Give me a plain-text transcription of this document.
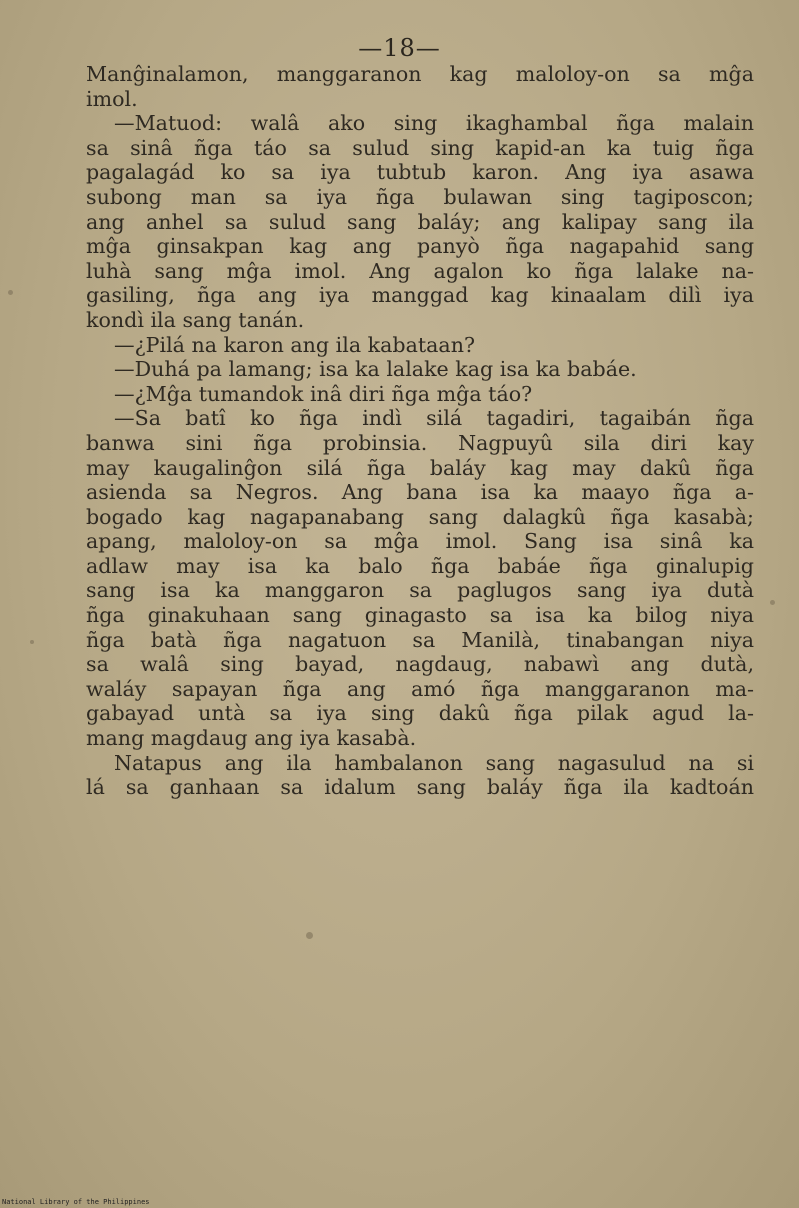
—18—
Manĝinalamon, manggaranon kag maloloy-on sa mĝa
imol.
—Matuod: walâ ako sing ikaghambal ñga malain
sa sinâ ñga táo sa sulud sing kapid-an ka tuig ñga
pagalagád ko sa iya tubtub karon. Ang iya asawa
subong man sa iya ñga bulawan sing tagiposcon;
ang anhel sa sulud sang baláy; ang kalipay sang ila
mĝa ginsakpan kag ang panyò ñga nagapahid sang
luhà sang mĝa imol. Ang agalon ko ñga lalake na-
gasiling, ñga ang iya manggad kag kinaalam dilì iya
kondì ila sang tanán.
—¿Pilá na karon ang ila kabataan?
—Duhá pa lamang; isa ka lalake kag isa ka babáe.
—¿Mĝa tumandok inâ diri ñga mĝa táo?
—Sa batî ko ñga indì silá tagadiri, tagaibán ñga
banwa sini ñga probinsia. Nagpuyû sila diri kay
may kaugalinĝon silá ñga baláy kag may dakû ñga
asienda sa Negros. Ang bana isa ka maayo ñga a-
bogado kag nagapanabang sang dalagkû ñga kasabà;
apang, maloloy-on sa mĝa imol. Sang isa sinâ ka
adlaw may isa ka balo ñga babáe ñga ginalupig
sang isa ka manggaron sa paglugos sang iya dutà
ñga ginakuhaan sang ginagasto sa isa ka bilog niya
ñga batà ñga nagatuon sa Manilà, tinabangan niya
sa walâ sing bayad, nagdaug, nabawì ang dutà,
waláy sapayan ñga ang amó ñga manggaranon ma-
gabayad untà sa iya sing dakû ñga pilak agud la-
mang magdaug ang iya kasabà.
Natapus ang ila hambalanon sang nagasulud na si
lá sa ganhaan sa idalum sang baláy ñga ila kadtoán
National Library of the Philippines
